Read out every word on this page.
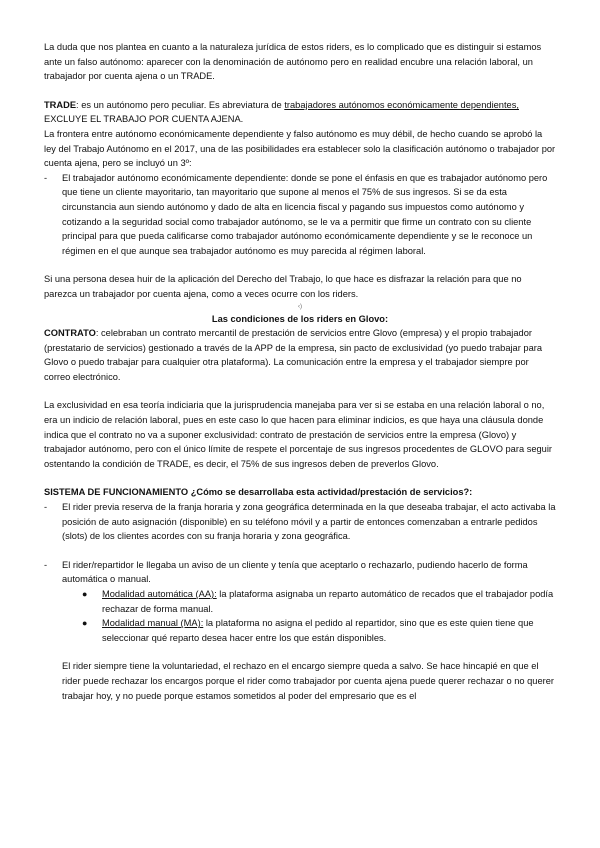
La duda que nos plantea en cuanto a la naturaleza jurídica de estos riders, es lo complicado que es distinguir si estamos ante un falso autónomo: aparecer con la denominación de autónomo pero en realidad encubre una relación laboral, un trabajador por cuenta ajena o un TRADE.

TRADE: es un autónomo pero peculiar. Es abreviatura de trabajadores autónomos económicamente dependientes, EXCLUYE EL TRABAJO POR CUENTA AJENA.

La frontera entre autónomo económicamente dependiente y falso autónomo es muy débil, de hecho cuando se aprobó la ley del Trabajo Autónomo en el 2017, una de las posibilidades era establecer solo la clasificación autónomo o trabajador por cuenta ajena, pero se incluyó un 3º:

-	El trabajador autónomo económicamente dependiente: donde se pone el énfasis en que es trabajador autónomo pero que tiene un cliente mayoritario, tan mayoritario que supone al menos el 75% de sus ingresos. Si se da esta circunstancia aun siendo autónomo y dado de alta en licencia fiscal y pagando sus impuestos como autónomo y cotizando a la seguridad social como trabajador autónomo, se le va a permitir que firme un contrato con su cliente principal para que pueda calificarse como trabajador autónomo económicamente dependiente y se le reconoce un régimen en el que aunque sea trabajador autónomo es muy parecida al régimen laboral.

Si una persona desea huir de la aplicación del Derecho del Trabajo, lo que hace es disfrazar la relación para que no parezca un trabajador por cuenta ajena, como a veces ocurre con los riders.

‹)

Las condiciones de los riders en Glovo:

CONTRATO: celebraban un contrato mercantil de prestación de servicios entre Glovo (empresa) y el propio trabajador (prestatario de servicios) gestionado a través de la APP de la empresa, sin pacto de exclusividad (yo puedo trabajar para Glovo o puedo trabajar para cualquier otra plataforma). La comunicación entre la empresa y el trabajador siempre por correo electrónico.

La exclusividad en esa teoría indiciaria que la jurisprudencia manejaba para ver si se estaba en una relación laboral o no, era un indicio de relación laboral, pues en este caso lo que hacen para eliminar indicios, es que haya una cláusula donde indica que el contrato no va a suponer exclusividad: contrato de prestación de servicios entre la empresa (Glovo) y trabajador autónomo, pero con el único límite de respete el porcentaje de sus ingresos procedentes de GLOVO para seguir ostentando la condición de TRADE, es decir, el 75% de sus ingresos deben de preverlos Glovo.

SISTEMA DE FUNCIONAMIENTO ¿Cómo se desarrollaba esta actividad/prestación de servicios?:

-	El rider previa reserva de la franja horaria y zona geográfica determinada en la que deseaba trabajar, el acto activaba la posición de auto asignación (disponible) en su teléfono móvil y a partir de entonces comenzaban a entrarle pedidos (slots) de los clientes acordes con su franja horaria y zona geográfica.
-	El rider/repartidor le llegaba un aviso de un cliente y tenía que aceptarlo o rechazarlo, pudiendo hacerlo de forma automática o manual.
● Modalidad automática (AA): la plataforma asignaba un reparto automático de recados que el trabajador podía rechazar de forma manual.
● Modalidad manual (MA): la plataforma no asigna el pedido al repartidor, sino que es este quien tiene que seleccionar qué reparto desea hacer entre los que están disponibles.

El rider siempre tiene la voluntariedad, el rechazo en el encargo siempre queda a salvo. Se hace hincapié en que el rider puede rechazar los encargos porque el rider como trabajador por cuenta ajena puede querer rechazar o no querer trabajar hoy, y no puede porque estamos sometidos al poder del empresario que es el
